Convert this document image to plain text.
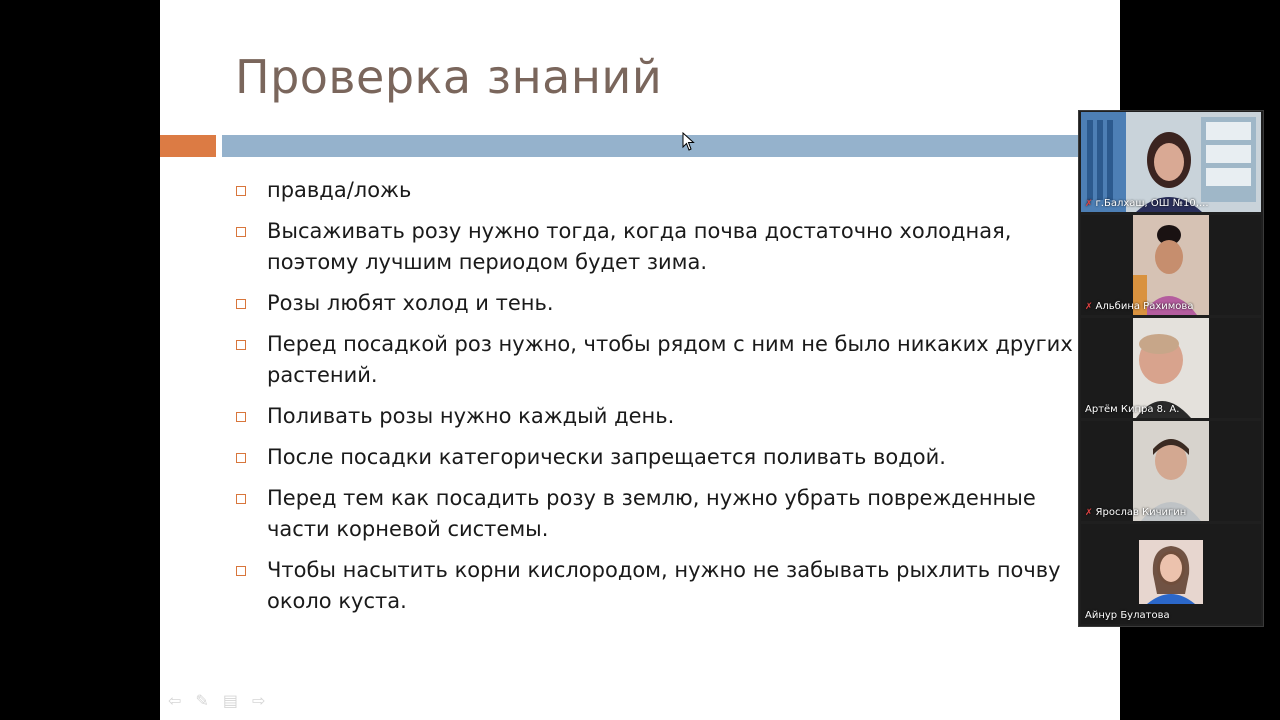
Проверка знаний
правда/ложь
Высаживать розу нужно тогда, когда почва достаточно холодная, поэтому лучшим периодом будет зима.
Розы любят холод и тень.
Перед посадкой роз нужно, чтобы рядом с ним не было никаких других растений.
Поливать розы нужно каждый день.
После посадки категорически запрещается поливать водой.
Перед тем как посадить розу в землю, нужно убрать поврежденные части корневой системы.
Чтобы насытить корни кислородом, нужно не забывать рыхлить почву около куста.
⇦ ✎ ▤ ⇨
✗ г.Балхаш, ОШ №10,...
✗ Альбина Рахимова
Артём Кипра 8. А.
✗ Ярослав Кичигин
Айнур Булатова
